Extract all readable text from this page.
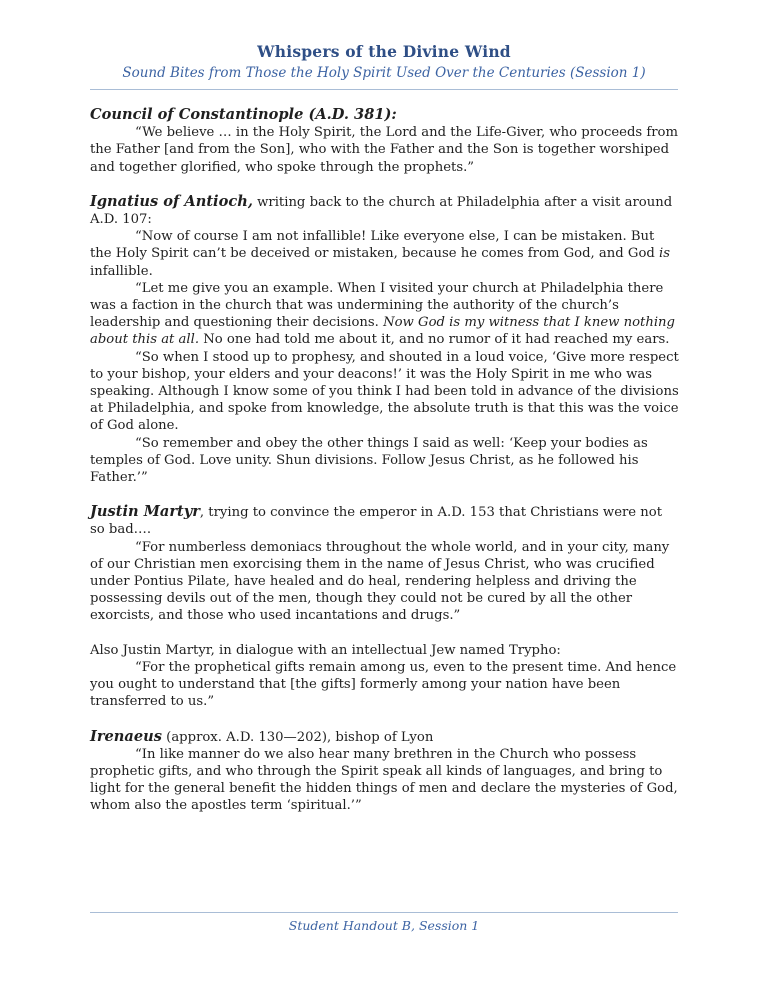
Whispers of the Divine Wind
Sound Bites from Those the Holy Spirit Used Over the Centuries (Session 1)
Council of Constantinople (A.D. 381):

“We believe … in the Holy Spirit, the Lord and the Life-Giver, who proceeds from the Father [and from the Son], who with the Father and the Son is together worshiped and together glorified, who spoke through the prophets.”

Ignatius of Antioch, writing back to the church at Philadelphia after a visit around A.D. 107:

“Now of course I am not infallible! Like everyone else, I can be mistaken. But the Holy Spirit can’t be deceived or mistaken, because he comes from God, and God is infallible.

“Let me give you an example. When I visited your church at Philadelphia there was a faction in the church that was undermining the authority of the church’s leadership and questioning their decisions. Now God is my witness that I knew nothing about this at all. No one had told me about it, and no rumor of it had reached my ears.

“So when I stood up to prophesy, and shouted in a loud voice, ‘Give more respect to your bishop, your elders and your deacons!’ it was the Holy Spirit in me who was speaking. Although I know some of you think I had been told in advance of the divisions at Philadelphia, and spoke from knowledge, the absolute truth is that this was the voice of God alone.

“So remember and obey the other things I said as well: ‘Keep your bodies as temples of God. Love unity. Shun divisions. Follow Jesus Christ, as he followed his Father.’”

Justin Martyr, trying to convince the emperor in A.D. 153 that Christians were not so bad….

“For numberless demoniacs throughout the whole world, and in your city, many of our Christian men exorcising them in the name of Jesus Christ, who was crucified under Pontius Pilate, have healed and do heal, rendering helpless and driving the possessing devils out of the men, though they could not be cured by all the other exorcists, and those who used incantations and drugs.”

Also Justin Martyr, in dialogue with an intellectual Jew named Trypho:

“For the prophetical gifts remain among us, even to the present time. And hence you ought to understand that [the gifts] formerly among your nation have been transferred to us.”

Irenaeus (approx. A.D. 130—202), bishop of Lyon

“In like manner do we also hear many brethren in the Church who possess prophetic gifts, and who through the Spirit speak all kinds of languages, and bring to light for the general benefit the hidden things of men and declare the mysteries of God, whom also the apostles term ‘spiritual.’”

Student Handout B, Session 1
